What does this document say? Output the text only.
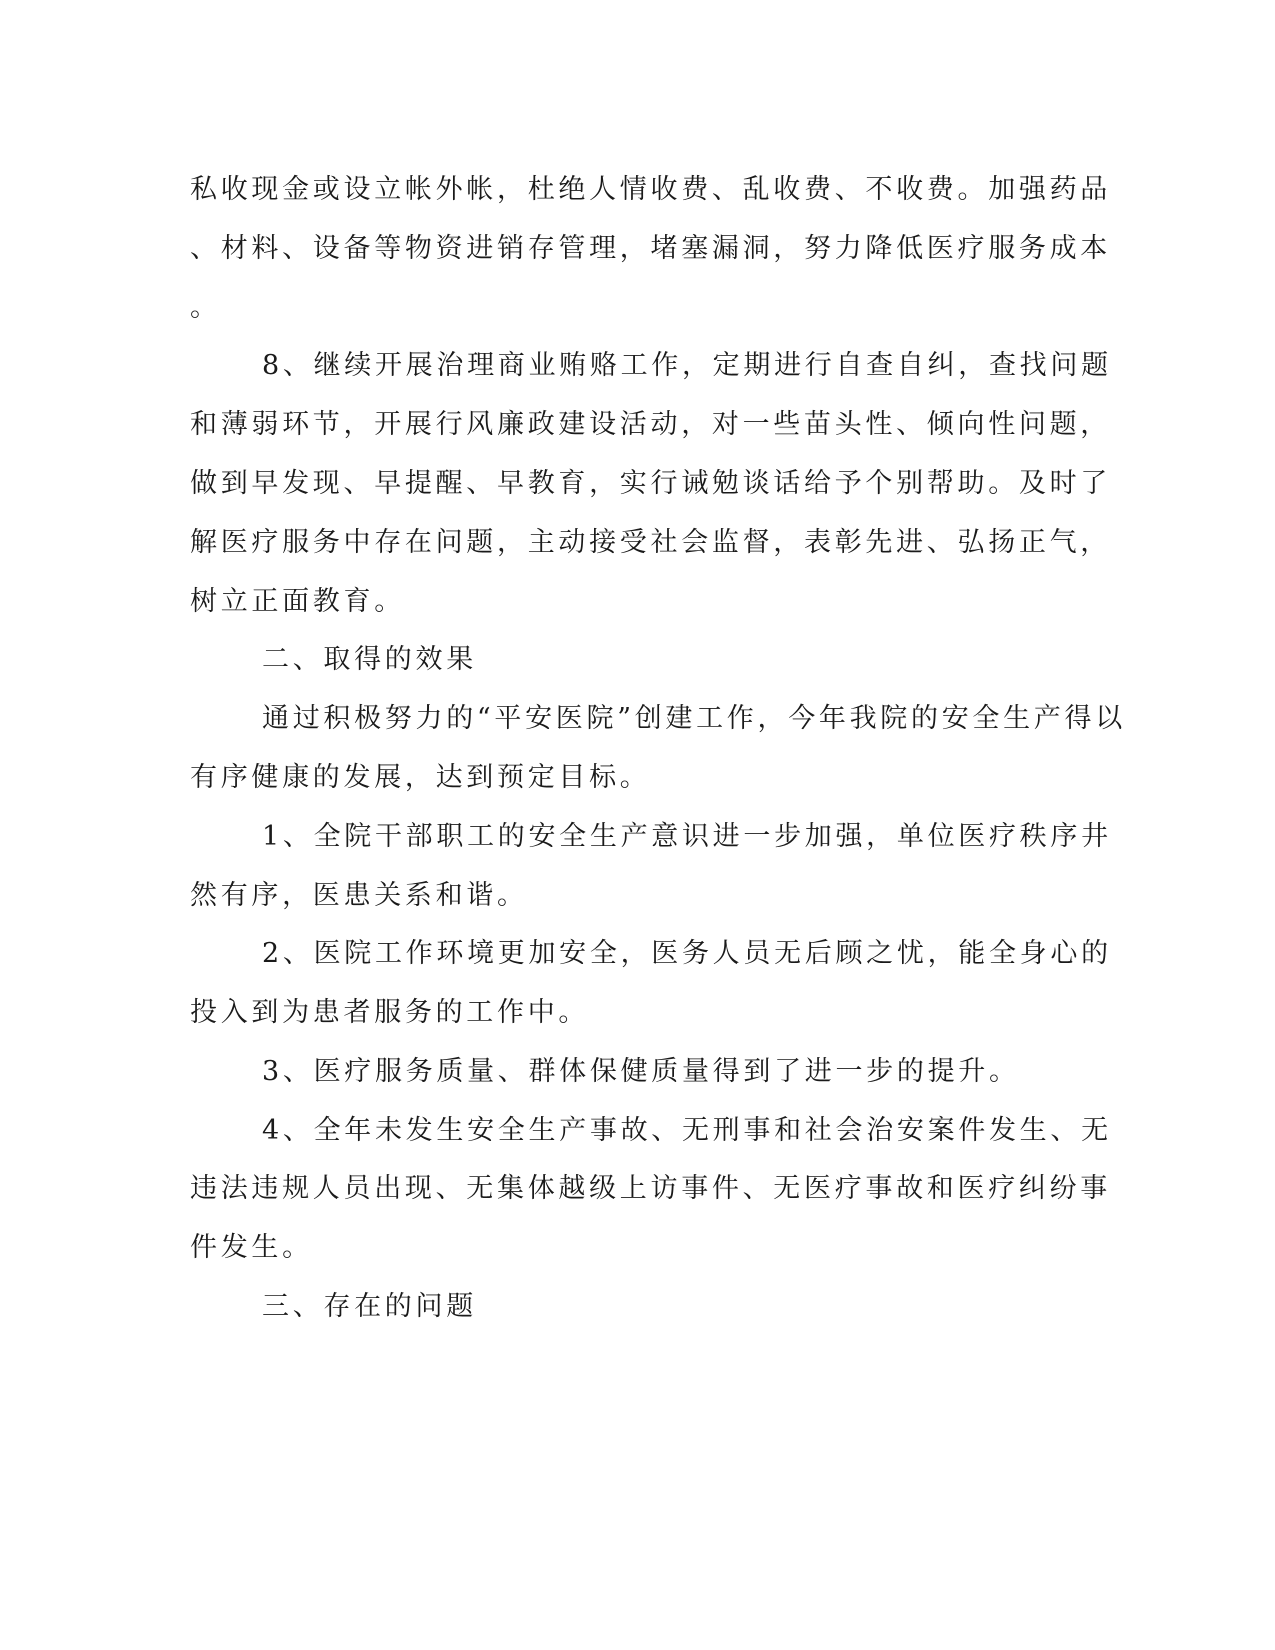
私收现金或设立帐外帐，杜绝人情收费、乱收费、不收费。加强药品
、材料、设备等物资进销存管理，堵塞漏洞，努力降低医疗服务成本
。
8、继续开展治理商业贿赂工作，定期进行自查自纠，查找问题
和薄弱环节，开展行风廉政建设活动，对一些苗头性、倾向性问题，
做到早发现、早提醒、早教育，实行诫勉谈话给予个别帮助。及时了
解医疗服务中存在问题，主动接受社会监督，表彰先进、弘扬正气，
树立正面教育。
二、取得的效果
通过积极努力的“平安医院”创建工作，今年我院的安全生产得以
有序健康的发展，达到预定目标。
1、全院干部职工的安全生产意识进一步加强，单位医疗秩序井
然有序，医患关系和谐。
2、医院工作环境更加安全，医务人员无后顾之忧，能全身心的
投入到为患者服务的工作中。
3、医疗服务质量、群体保健质量得到了进一步的提升。
4、全年未发生安全生产事故、无刑事和社会治安案件发生、无
违法违规人员出现、无集体越级上访事件、无医疗事故和医疗纠纷事
件发生。
三、存在的问题
